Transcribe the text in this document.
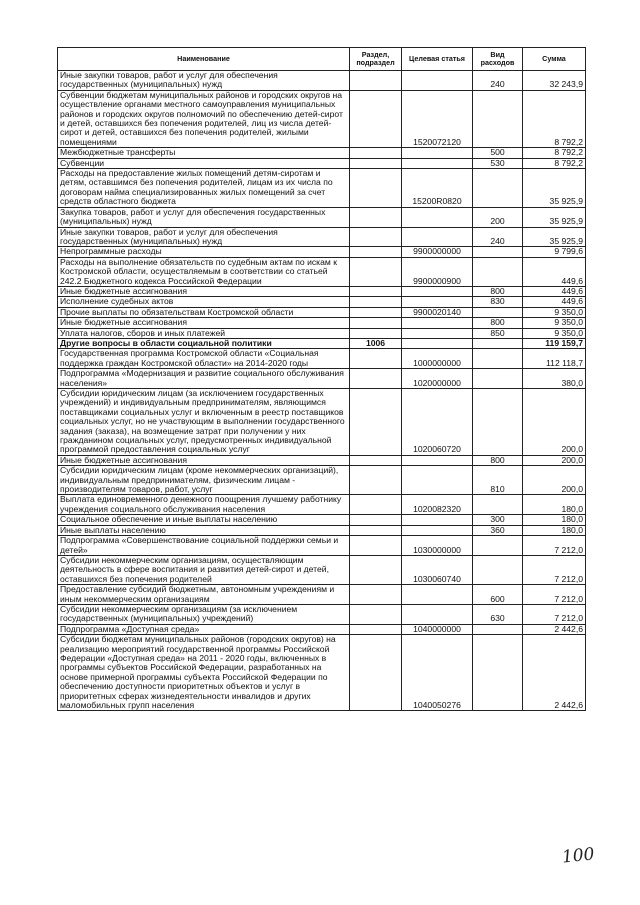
Наименование	Раздел, подраздел	Целевая статья	Вид расходов	Сумма
Иные закупки товаров, работ и услуг для обеспечения государственных (муниципальных) нужд			240	32 243,9
Субвенции бюджетам муниципальных районов и городских округов на осуществление органами местного самоуправления муниципальных районов и городских округов полномочий по обеспечению детей-сирот и детей, оставшихся без попечения родителей, лиц из числа детей-сирот и детей, оставшихся без попечения родителей, жилыми помещениями		1520072120		8 792,2
Межбюджетные трансферты			500	8 792,2
Субвенции			530	8 792,2
Расходы на предоставление жилых помещений детям-сиротам и детям, оставшимся без попечения родителей, лицам из их числа по договорам найма специализированных жилых помещений за счет средств областного бюджета		15200R0820		35 925,9
Закупка товаров, работ и услуг для обеспечения государственных (муниципальных) нужд			200	35 925,9
Иные закупки товаров, работ и услуг для обеспечения государственных (муниципальных) нужд			240	35 925,9
Непрограммные расходы		9900000000		9 799,6
Расходы на выполнение обязательств по судебным актам по искам к Костромской области, осуществляемым в соответствии со статьей 242.2 Бюджетного кодекса Российской Федерации		9900000900		449,6
Иные бюджетные ассигнования			800	449,6
Исполнение судебных актов			830	449,6
Прочие выплаты по обязательствам Костромской области		9900020140		9 350,0
Иные бюджетные ассигнования			800	9 350,0
Уплата налогов, сборов и иных платежей			850	9 350,0
Другие вопросы в области социальной политики	1006			119 159,7
Государственная программа Костромской области «Социальная поддержка граждан Костромской области» на 2014-2020 годы		1000000000		112 118,7
Подпрограмма «Модернизация и развитие социального обслуживания населения»		1020000000		380,0
Субсидии юридическим лицам (за исключением государственных учреждений) и индивидуальным предпринимателям, являющимся поставщиками социальных услуг и включенным в реестр поставщиков социальных услуг, но не участвующим в выполнении государственного задания (заказа), на возмещение затрат при получении у них гражданином социальных услуг, предусмотренных индивидуальной программой предоставления социальных услуг		1020060720		200,0
Иные бюджетные ассигнования			800	200,0
Субсидии юридическим лицам (кроме некоммерческих организаций), индивидуальным предпринимателям, физическим лицам - производителям товаров, работ, услуг			810	200,0
Выплата единовременного денежного поощрения лучшему работнику учреждения социального обслуживания населения		1020082320		180,0
Социальное обеспечение и иные выплаты населению			300	180,0
Иные выплаты населению			360	180,0
Подпрограмма «Совершенствование социальной поддержки семьи и детей»		1030000000		7 212,0
Субсидии некоммерческим организациям, осуществляющим деятельность в сфере воспитания и развития детей-сирот и детей, оставшихся без попечения родителей		1030060740		7 212,0
Предоставление субсидий бюджетным, автономным учреждениям и иным некоммерческим организациям			600	7 212,0
Субсидии некоммерческим организациям (за исключением государственных (муниципальных) учреждений)			630	7 212,0
Подпрограмма «Доступная среда»		1040000000		2 442,6
Субсидии бюджетам муниципальных районов (городских округов) на реализацию мероприятий государственной программы Российской Федерации «Доступная среда» на 2011 - 2020 годы, включенных в программы субъектов Российской Федерации, разработанных на основе примерной программы субъекта Российской Федерации по обеспечению доступности приоритетных объектов и услуг в приоритетных сферах жизнедеятельности инвалидов и других маломобильных групп населения		1040050276		2 442,6
100
